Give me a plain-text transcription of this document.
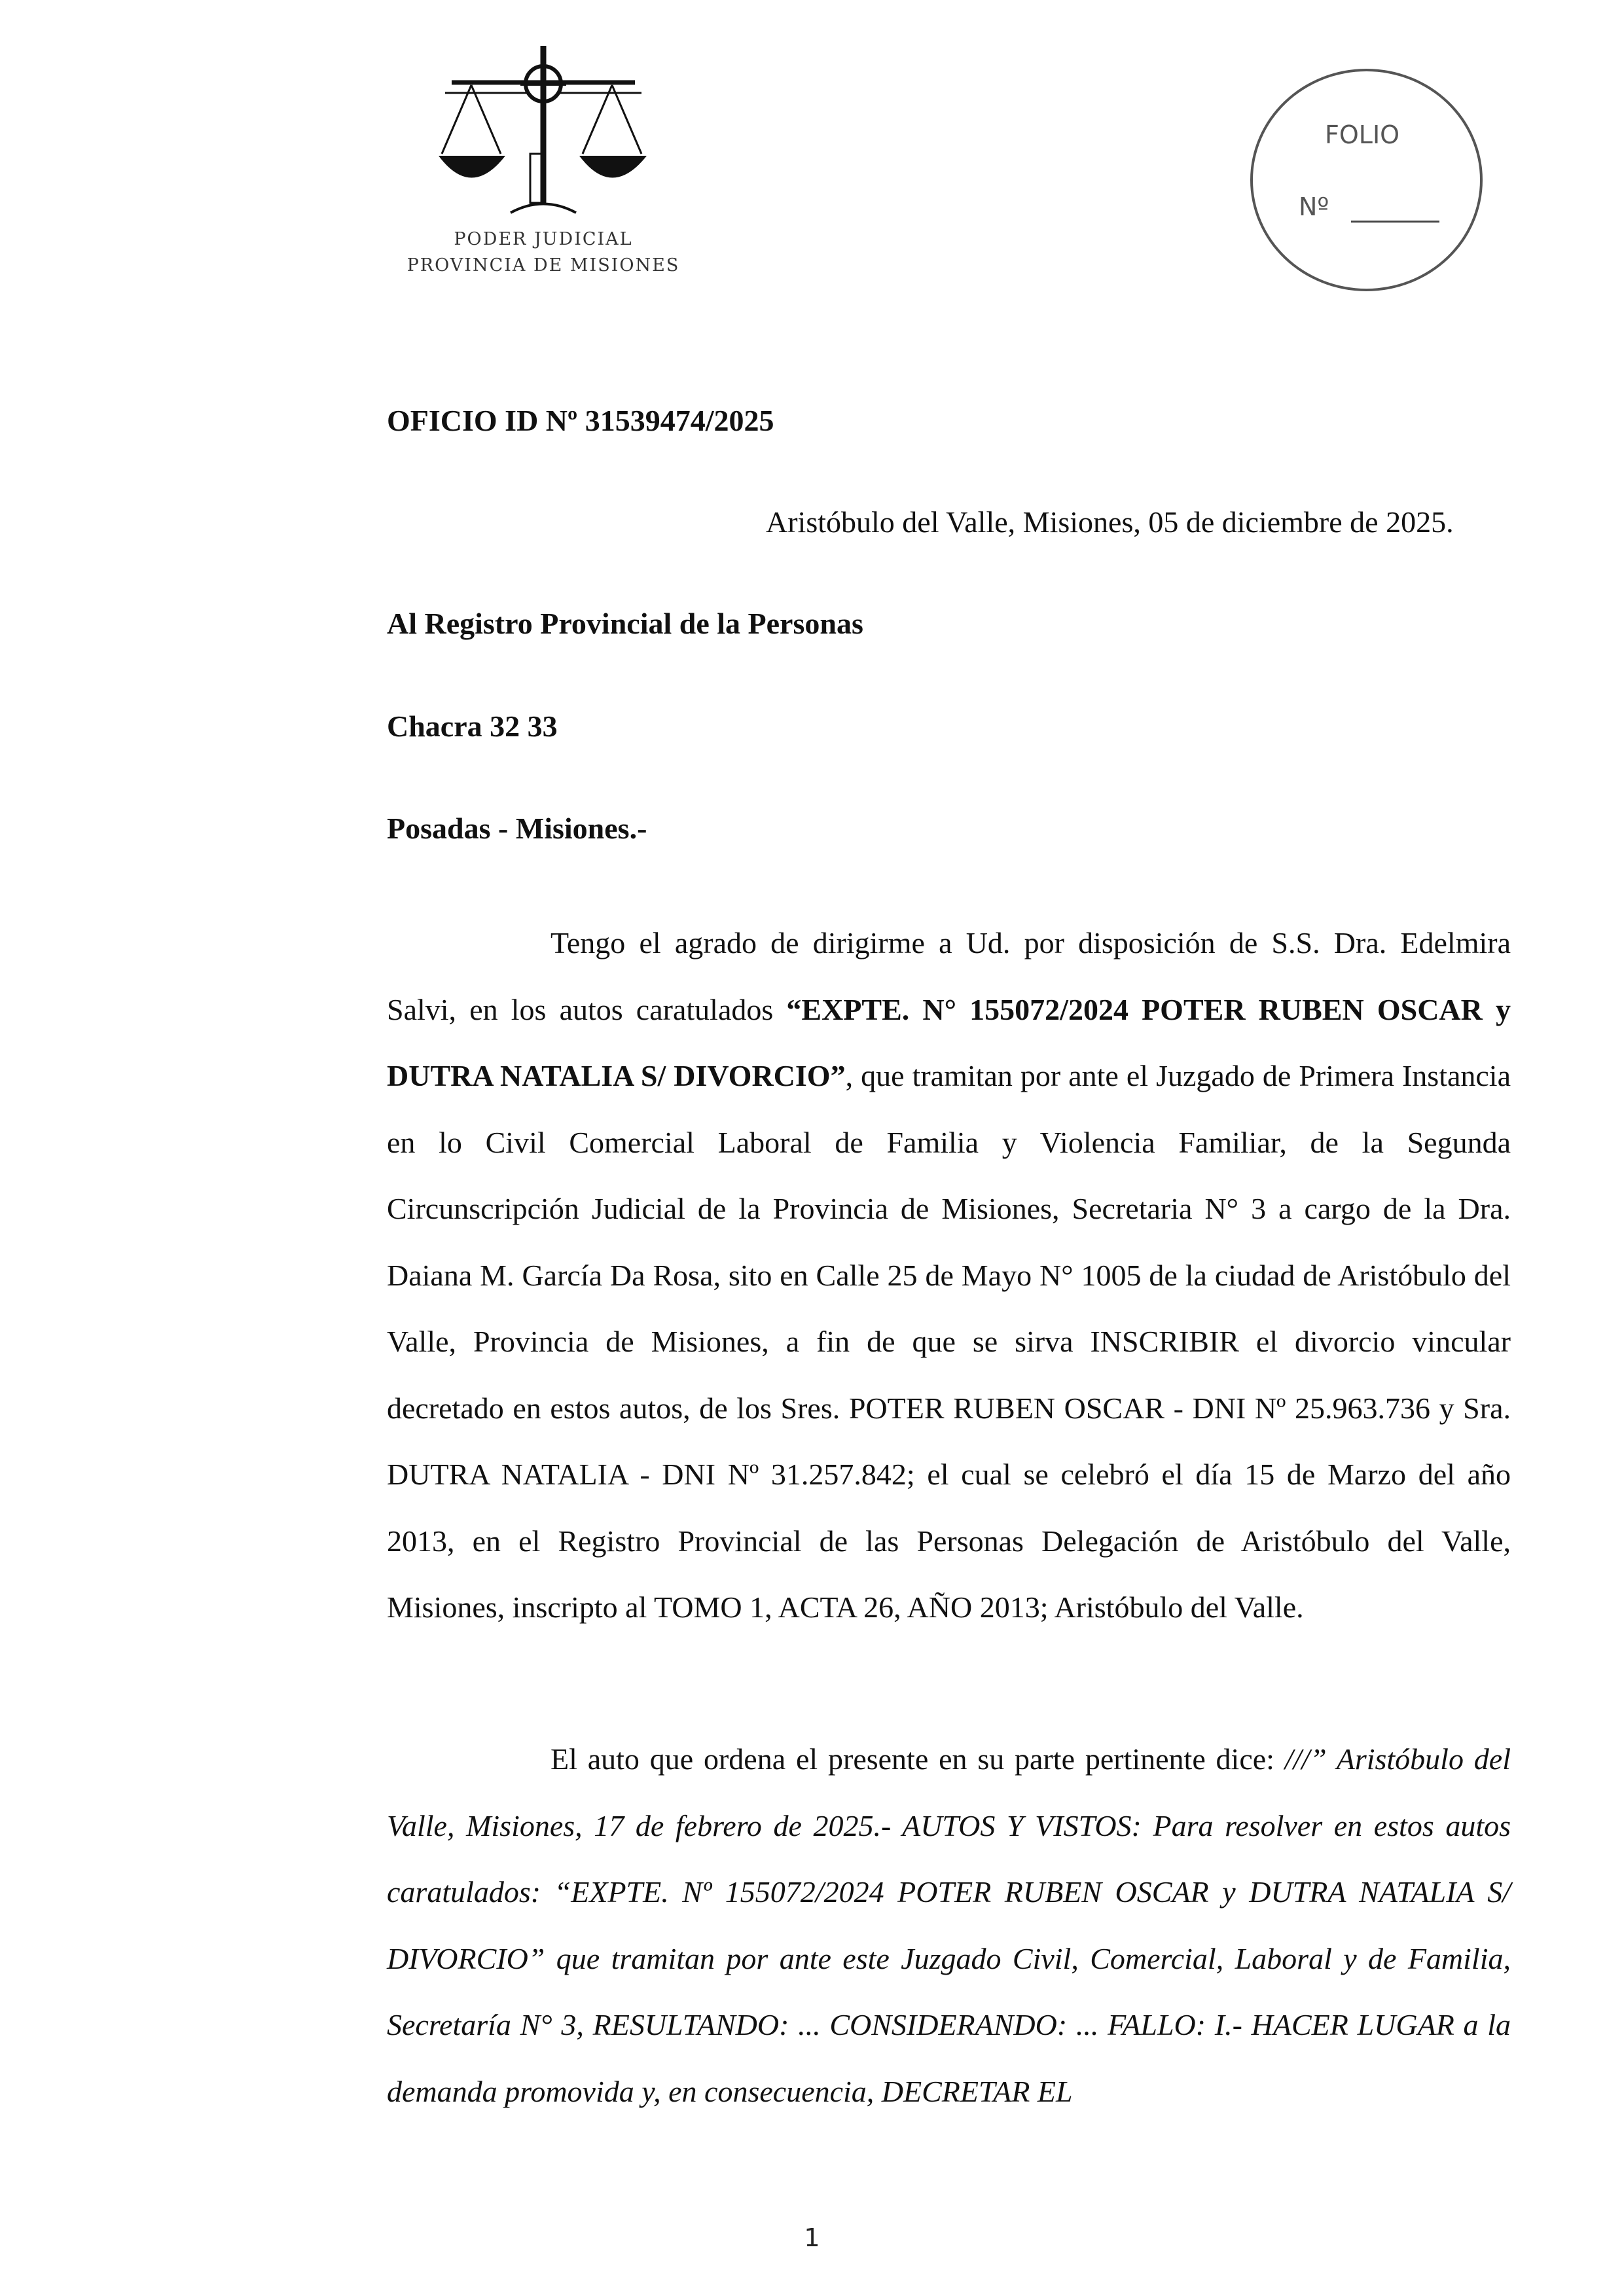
PODER JUDICIAL
PROVINCIA DE MISIONES
FOLIO
Nº
OFICIO ID Nº 31539474/2025
Aristóbulo del Valle, Misiones, 05 de diciembre de 2025.
Al Registro Provincial de la Personas
Chacra 32 33
Posadas - Misiones.-

Tengo el agrado de dirigirme a Ud. por disposición de S.S. Dra. Edelmira Salvi, en los autos caratulados “EXPTE. N° 155072/2024 POTER RUBEN OSCAR y DUTRA NATALIA S/ DIVORCIO”, que tramitan por ante el Juzgado de Primera Instancia en lo Civil Comercial Laboral de Familia y Violencia Familiar, de la Segunda Circunscripción Judicial de la Provincia de Misiones, Secretaria N° 3 a cargo de la Dra. Daiana M. García Da Rosa, sito en Calle 25 de Mayo N° 1005 de la ciudad de Aristóbulo del Valle, Provincia de Misiones, a fin de que se sirva INSCRIBIR el divorcio vincular decretado en estos autos, de los Sres. POTER RUBEN OSCAR - DNI Nº 25.963.736 y Sra. DUTRA NATALIA - DNI Nº 31.257.842; el cual se celebró el día 15 de Marzo del año 2013, en el Registro Provincial de las Personas Delegación de Aristóbulo del Valle, Misiones, inscripto al TOMO 1, ACTA 26, AÑO 2013; Aristóbulo del Valle.

El auto que ordena el presente en su parte pertinente dice: ///” Aristóbulo del Valle, Misiones, 17 de febrero de 2025.- AUTOS Y VISTOS: Para resolver en estos autos caratulados: “EXPTE. Nº 155072/2024 POTER RUBEN OSCAR y DUTRA NATALIA S/ DIVORCIO” que tramitan por ante este Juzgado Civil, Comercial, Laboral y de Familia, Secretaría N° 3, RESULTANDO: ... CONSIDERANDO: ... FALLO: I.- HACER LUGAR a la demanda promovida y, en consecuencia, DECRETAR EL

1
